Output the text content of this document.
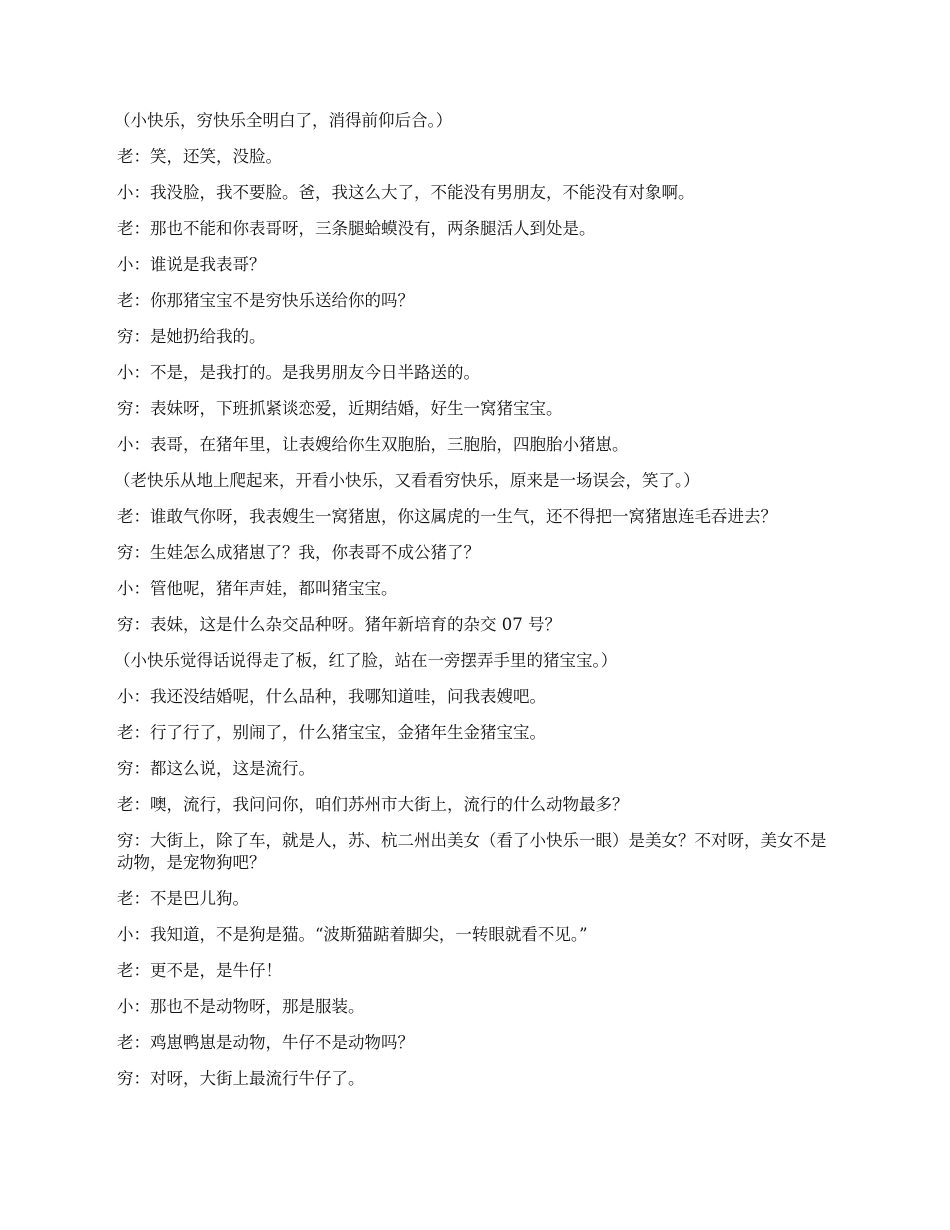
（小快乐，穷快乐全明白了，消得前仰后合。）

老：笑，还笑，没脸。

小：我没脸，我不要脸。爸，我这么大了，不能没有男朋友，不能没有对象啊。

老：那也不能和你表哥呀，三条腿蛤蟆没有，两条腿活人到处是。

小：谁说是我表哥？

老：你那猪宝宝不是穷快乐送给你的吗？

穷：是她扔给我的。

小：不是，是我打的。是我男朋友今日半路送的。

穷：表妹呀，下班抓紧谈恋爱，近期结婚，好生一窝猪宝宝。

小：表哥，在猪年里，让表嫂给你生双胞胎，三胞胎，四胞胎小猪崽。

（老快乐从地上爬起来，开看小快乐，又看看穷快乐，原来是一场误会，笑了。）

老：谁敢气你呀，我表嫂生一窝猪崽，你这属虎的一生气，还不得把一窝猪崽连毛吞进去？

穷：生娃怎么成猪崽了？我，你表哥不成公猪了？

小：管他呢，猪年声娃，都叫猪宝宝。

穷：表妹，这是什么杂交品种呀。猪年新培育的杂交 07 号？

（小快乐觉得话说得走了板，红了脸，站在一旁摆弄手里的猪宝宝。）

小：我还没结婚呢，什么品种，我哪知道哇，问我表嫂吧。

老：行了行了，别闹了，什么猪宝宝，金猪年生金猪宝宝。

穷：都这么说，这是流行。

老：噢，流行，我问问你，咱们苏州市大街上，流行的什么动物最多？

穷：大街上，除了车，就是人，苏、杭二州出美女（看了小快乐一眼）是美女？不对呀，美女不是动物，是宠物狗吧？

老：不是巴儿狗。

小：我知道，不是狗是猫。“波斯猫踮着脚尖，一转眼就看不见。”

老：更不是，是牛仔！

小：那也不是动物呀，那是服装。

老：鸡崽鸭崽是动物，牛仔不是动物吗？

穷：对呀，大街上最流行牛仔了。
